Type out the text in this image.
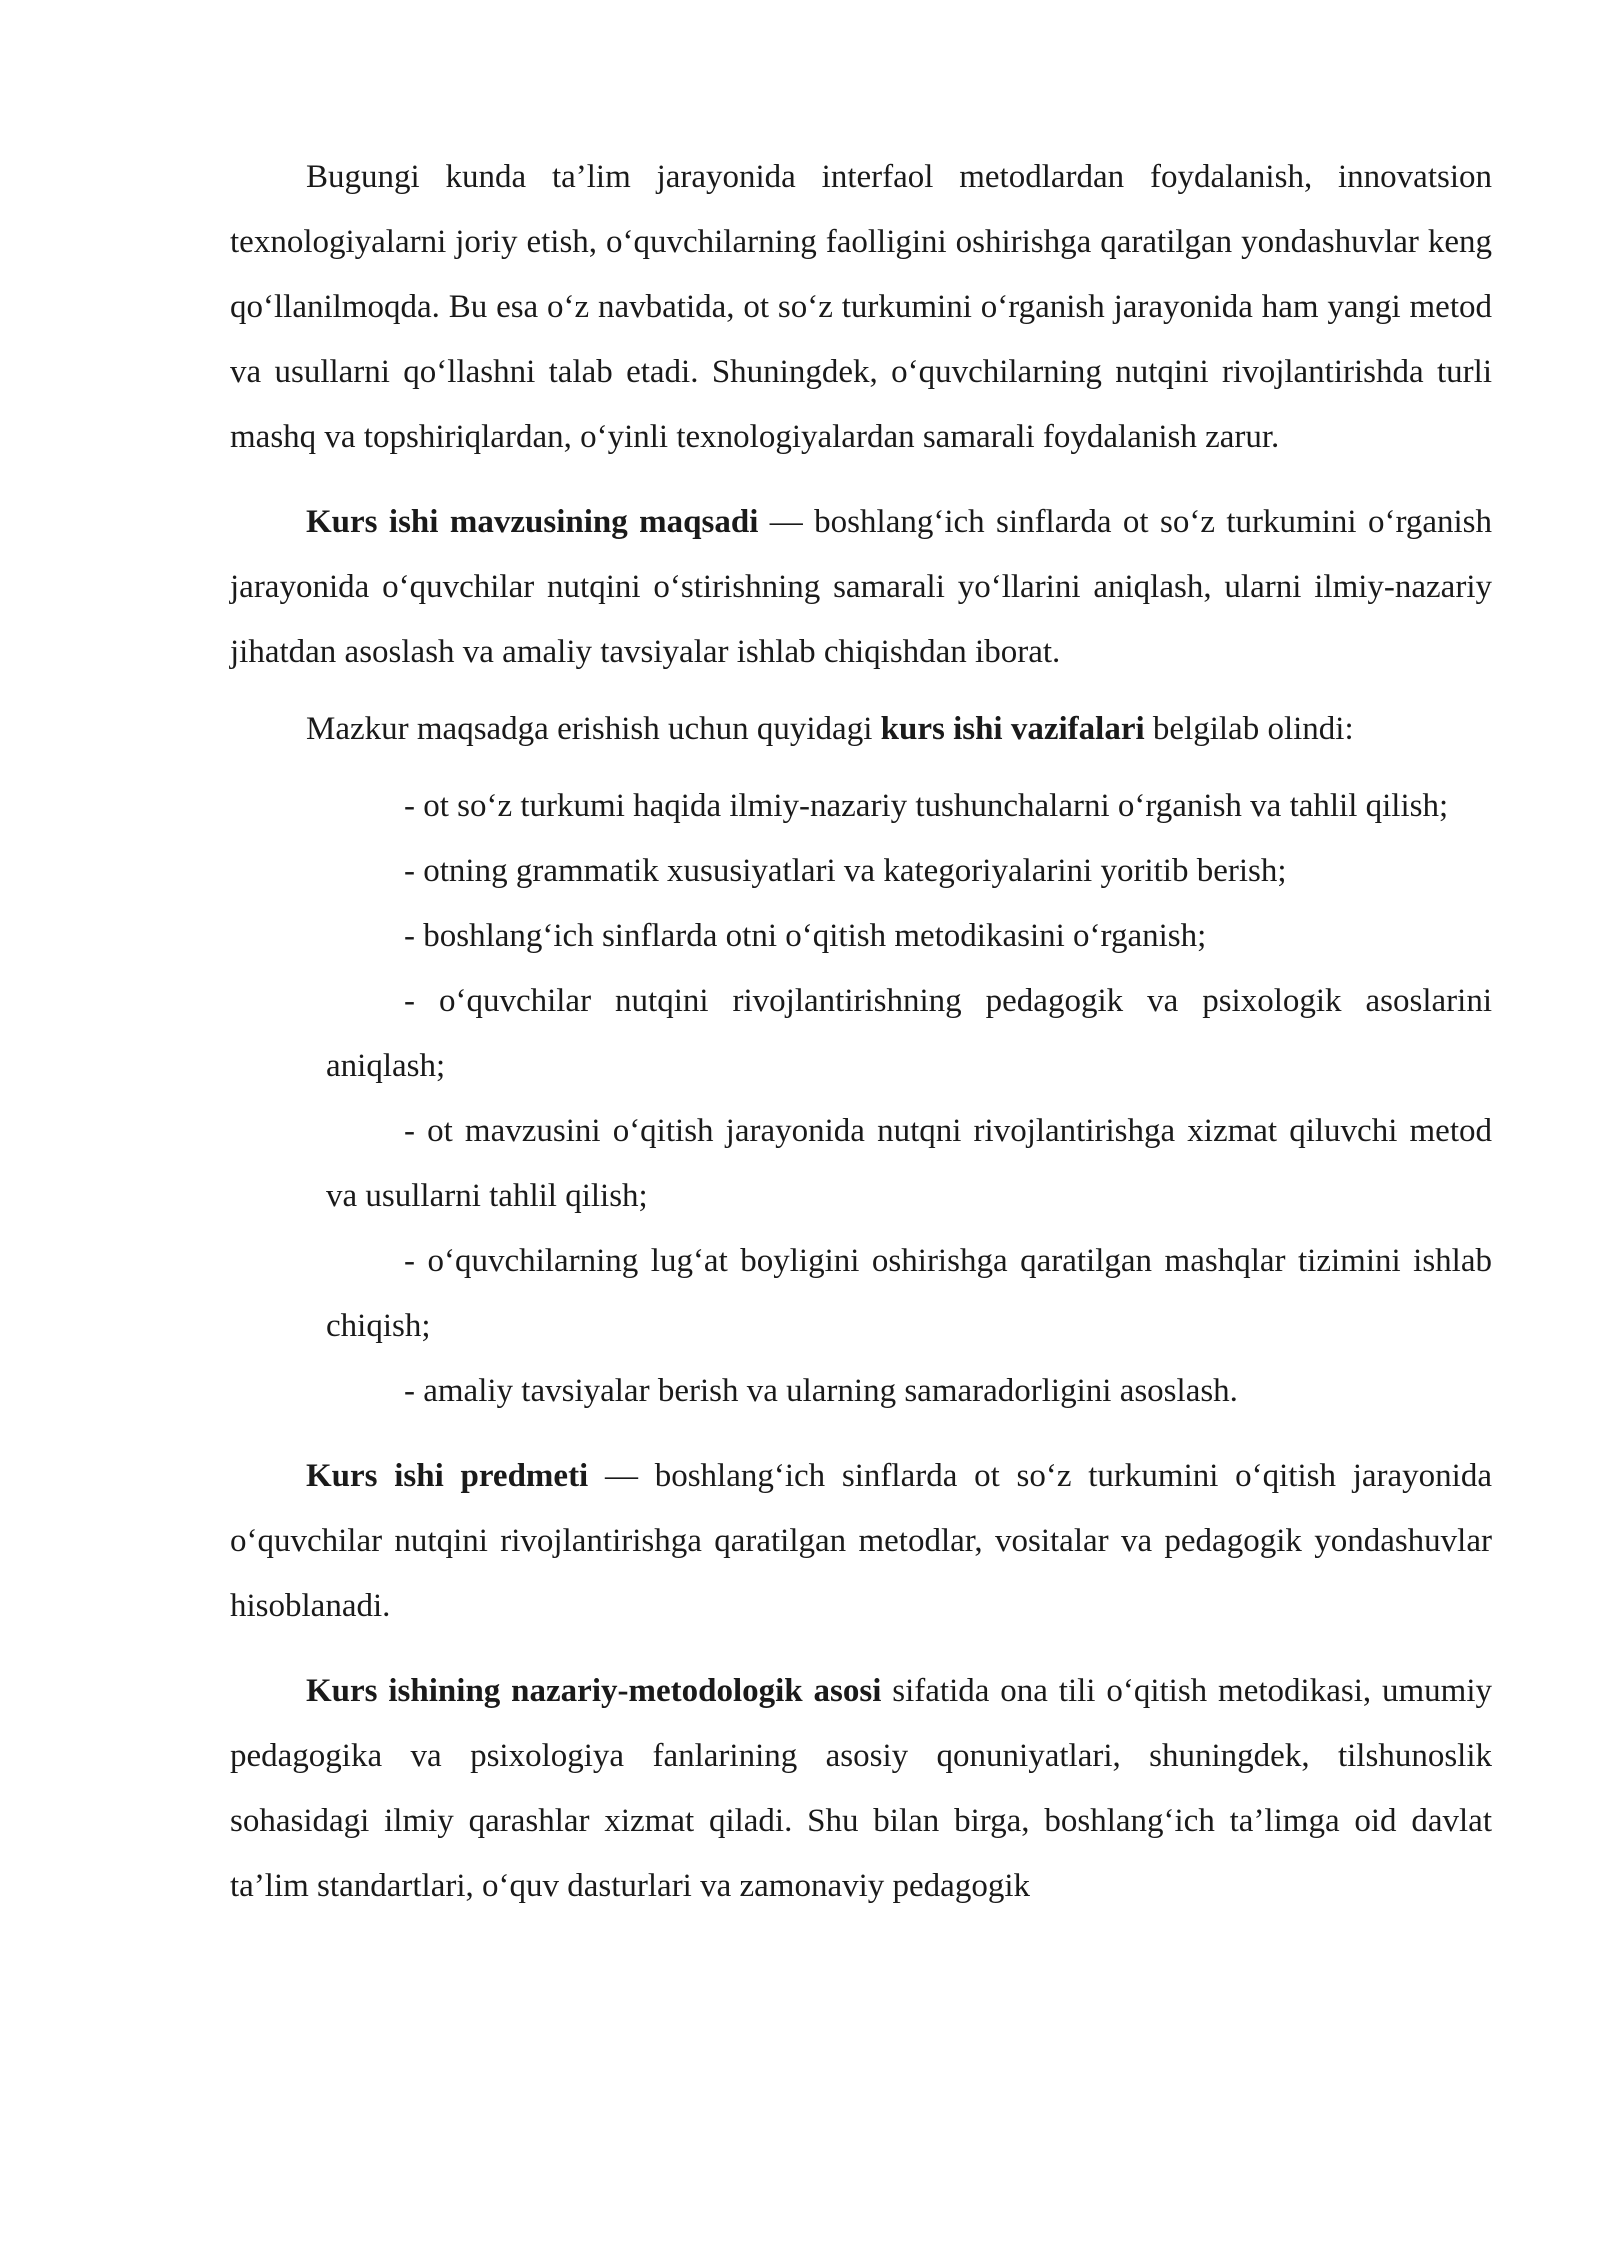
Bugungi kunda ta’lim jarayonida interfaol metodlardan foydalanish, innovatsion texnologiyalarni joriy etish, o‘quvchilarning faolligini oshirishga qaratilgan yondashuvlar keng qo‘llanilmoqda. Bu esa o‘z navbatida, ot so‘z turkumini o‘rganish jarayonida ham yangi metod va usullarni qo‘llashni talab etadi. Shuningdek, o‘quvchilarning nutqini rivojlantirishda turli mashq va topshiriqlardan, o‘yinli texnologiyalardan samarali foydalanish zarur.

Kurs ishi mavzusining maqsadi — boshlang‘ich sinflarda ot so‘z turkumini o‘rganish jarayonida o‘quvchilar nutqini o‘stirishning samarali yo‘llarini aniqlash, ularni ilmiy-nazariy jihatdan asoslash va amaliy tavsiyalar ishlab chiqishdan iborat.

Mazkur maqsadga erishish uchun quyidagi kurs ishi vazifalari belgilab olindi:

- ot so‘z turkumi haqida ilmiy-nazariy tushunchalarni o‘rganish va tahlil qilish;

- otning grammatik xususiyatlari va kategoriyalarini yoritib berish;

- boshlang‘ich sinflarda otni o‘qitish metodikasini o‘rganish;

- o‘quvchilar nutqini rivojlantirishning pedagogik va psixologik asoslarini aniqlash;

- ot mavzusini o‘qitish jarayonida nutqni rivojlantirishga xizmat qiluvchi metod va usullarni tahlil qilish;

- o‘quvchilarning lug‘at boyligini oshirishga qaratilgan mashqlar tizimini ishlab chiqish;

- amaliy tavsiyalar berish va ularning samaradorligini asoslash.

Kurs ishi predmeti — boshlang‘ich sinflarda ot so‘z turkumini o‘qitish jarayonida o‘quvchilar nutqini rivojlantirishga qaratilgan metodlar, vositalar va pedagogik yondashuvlar hisoblanadi.

Kurs ishining nazariy-metodologik asosi sifatida ona tili o‘qitish metodikasi, umumiy pedagogika va psixologiya fanlarining asosiy qonuniyatlari, shuningdek, tilshunoslik sohasidagi ilmiy qarashlar xizmat qiladi. Shu bilan birga, boshlang‘ich ta’limga oid davlat ta’lim standartlari, o‘quv dasturlari va zamonaviy pedagogik
